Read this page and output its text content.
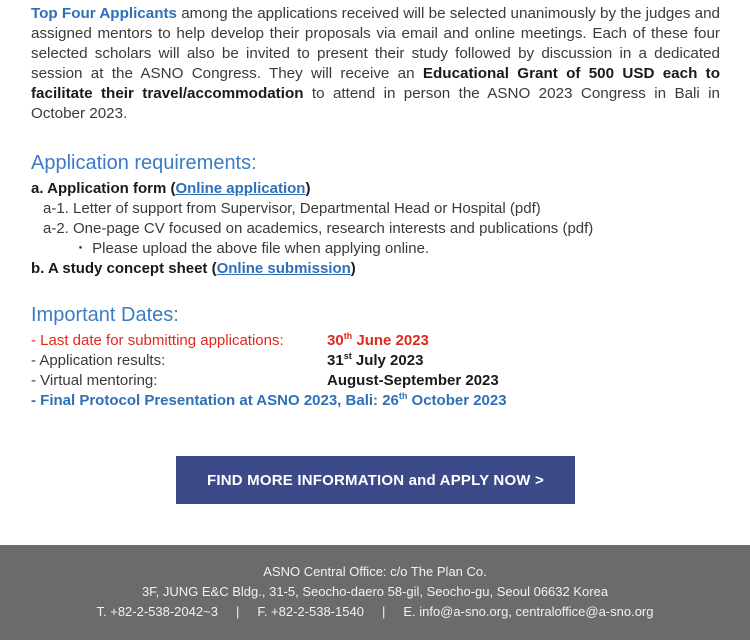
Top Four Applicants among the applications received will be selected unanimously by the judges and assigned mentors to help develop their proposals via email and online meetings. Each of these four selected scholars will also be invited to present their study followed by discussion in a dedicated session at the ASNO Congress. They will receive an Educational Grant of 500 USD each to facilitate their travel/accommodation to attend in person the ASNO 2023 Congress in Bali in October 2023.

Application requirements:
a. Application form (Online application)
a-1. Letter of support from Supervisor, Departmental Head or Hospital (pdf)
a-2. One-page CV focused on academics, research interests and publications (pdf)
・ Please upload the above file when applying online.
b. A study concept sheet (Online submission)
Important Dates:
- Last date for submitting applications:	30th June 2023
- Application results:	31st July 2023
- Virtual mentoring:	August-September 2023
- Final Protocol Presentation at ASNO 2023, Bali: 26th October 2023
FIND MORE INFORMATION and APPLY NOW >
ASNO Central Office: c/o The Plan Co.
3F, JUNG E&C Bldg., 31-5, Seocho-daero 58-gil, Seocho-gu, Seoul 06632 Korea
T. +82-2-538-2042~3 | F. +82-2-538-1540 | E. info@a-sno.org, centraloffice@a-sno.org
